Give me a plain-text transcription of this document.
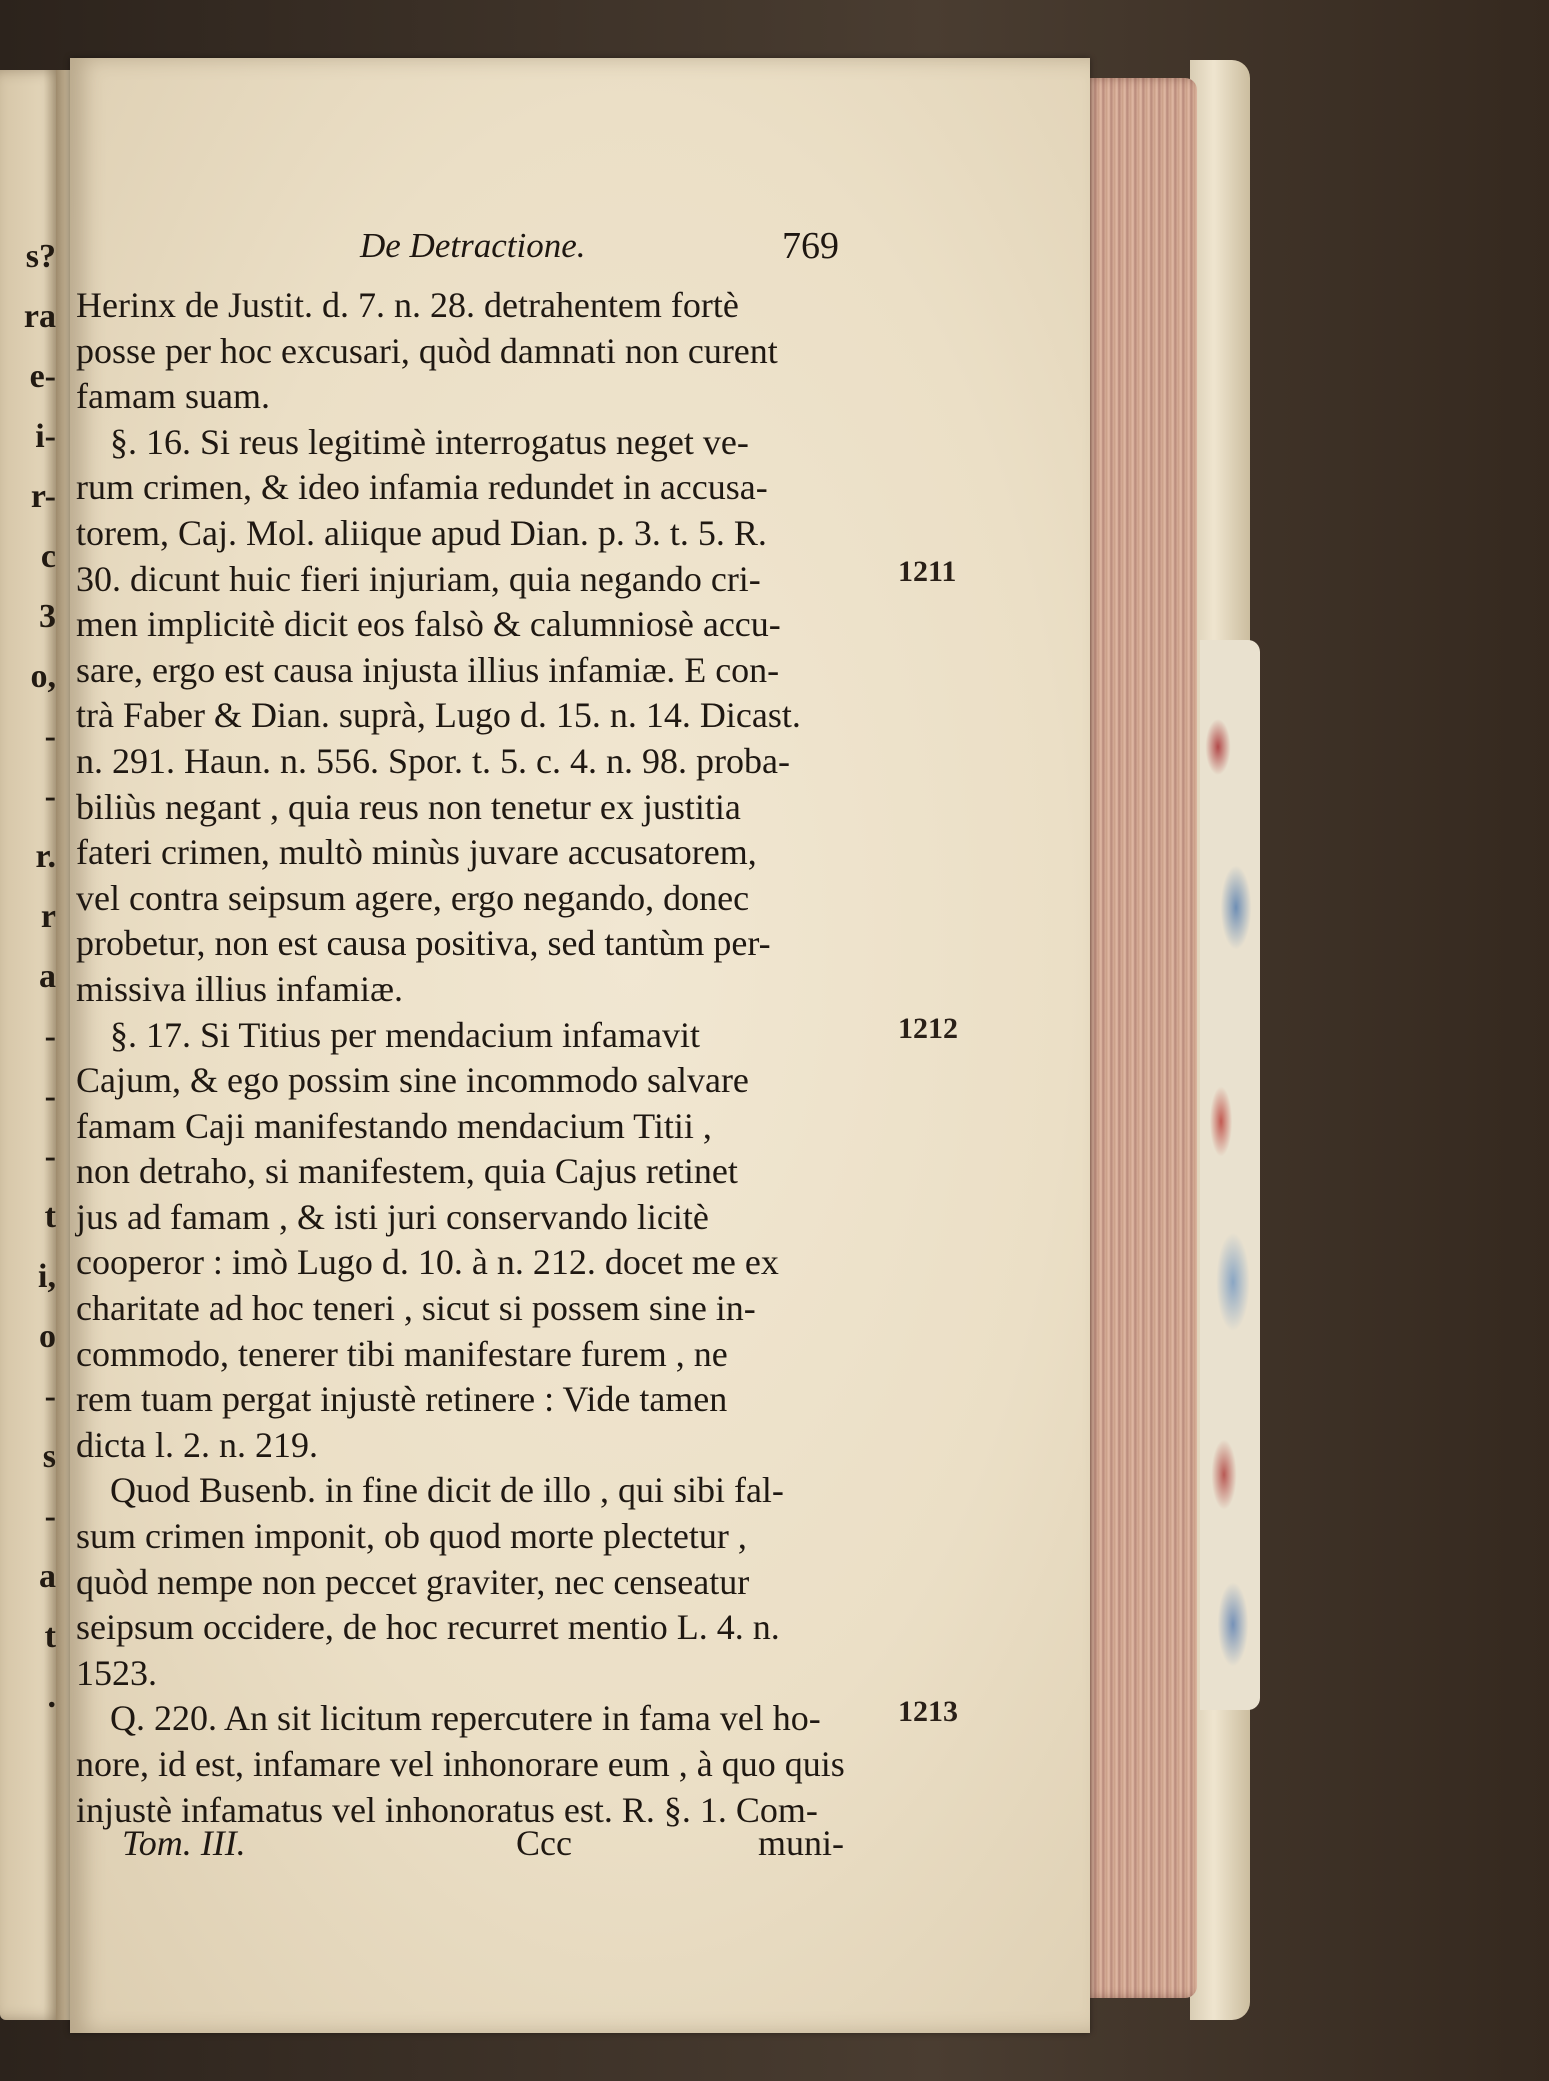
s?
ra
e-
i-
r-
c
3
o,
-
-
r.
r
a
-
-
-
t
i,
o
-
s
-
a
t
.
De Detractione.	769
Herinx de Justit. d. 7. n. 28. detrahentem fortè
posse per hoc excusari, quòd damnati non curent
famam suam.
§. 16. Si reus legitimè interrogatus neget ve-
rum crimen, & ideo infamia redundet in accusa-
torem, Caj. Mol. aliique apud Dian. p. 3. t. 5. R.
30. dicunt huic fieri injuriam, quia negando cri-
men implicitè dicit eos falsò & calumniosè accu-
sare, ergo est causa injusta illius infamiæ. E con-
trà Faber & Dian. suprà, Lugo d. 15. n. 14. Dicast.
n. 291. Haun. n. 556. Spor. t. 5. c. 4. n. 98. proba-
biliùs negant , quia reus non tenetur ex justitia
fateri crimen, multò minùs juvare accusatorem,
vel contra seipsum agere, ergo negando, donec
probetur, non est causa positiva, sed tantùm per-
missiva illius infamiæ.
§. 17. Si Titius per mendacium infamavit
Cajum, & ego possim sine incommodo salvare
famam Caji manifestando mendacium Titii ,
non detraho, si manifestem, quia Cajus retinet
jus ad famam , & isti juri conservando licitè
cooperor : imò Lugo d. 10. à n. 212. docet me ex
charitate ad hoc teneri , sicut si possem sine in-
commodo, tenerer tibi manifestare furem , ne
rem tuam pergat injustè retinere : Vide tamen
dicta l. 2. n. 219.
Quod Busenb. in fine dicit de illo , qui sibi fal-
sum crimen imponit, ob quod morte plectetur ,
quòd nempe non peccet graviter, nec censeatur
seipsum occidere, de hoc recurret mentio L. 4. n.
1523.
Q. 220. An sit licitum repercutere in fama vel ho-
nore, id est, infamare vel inhonorare eum , à quo quis
injustè infamatus vel inhonoratus est. R. §. 1. Com-
1211
1212
1213
Tom. III.	Ccc	muni-
